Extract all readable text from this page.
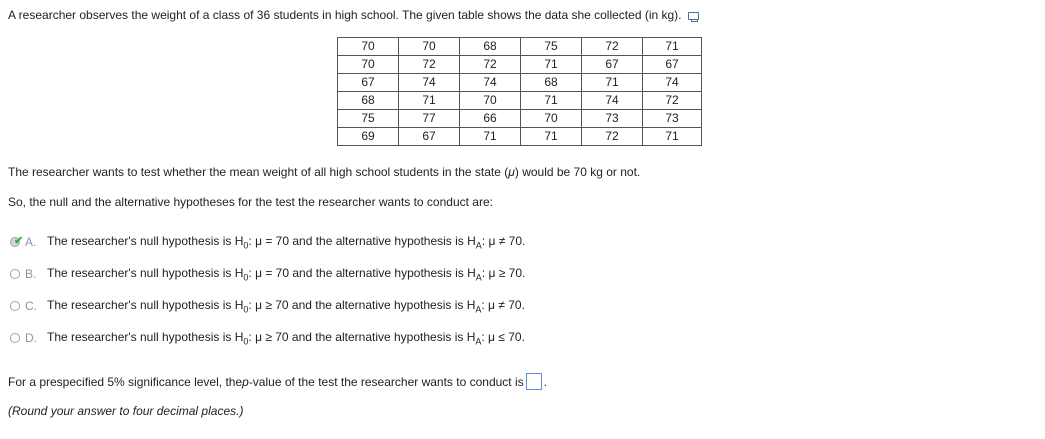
A researcher observes the weight of a class of 36 students in high school. The given table shows the data she collected (in kg).
70	70	68	75	72	71
70	72	72	71	67	67
67	74	74	68	71	74
68	71	70	71	74	72
75	77	66	70	73	73
69	67	71	71	72	71
The researcher wants to test whether the mean weight of all high school students in the state (μ) would be 70 kg or not.
So, the null and the alternative hypotheses for the test the researcher wants to conduct are:
✔ A. The researcher's null hypothesis is $H_0$: μ = 70 and the alternative hypothesis is $H_A$: μ ≠ 70.
B. The researcher's null hypothesis is $H_0$: μ = 70 and the alternative hypothesis is $H_A$: μ ≥ 70.
C. The researcher's null hypothesis is $H_0$: μ ≥ 70 and the alternative hypothesis is $H_A$: μ ≠ 70.
D. The researcher's null hypothesis is $H_0$: μ ≥ 70 and the alternative hypothesis is $H_A$: μ ≤ 70.
For a prespecified 5% significance level, the p -value of the test the researcher wants to conduct is .
(Round your answer to four decimal places.)
